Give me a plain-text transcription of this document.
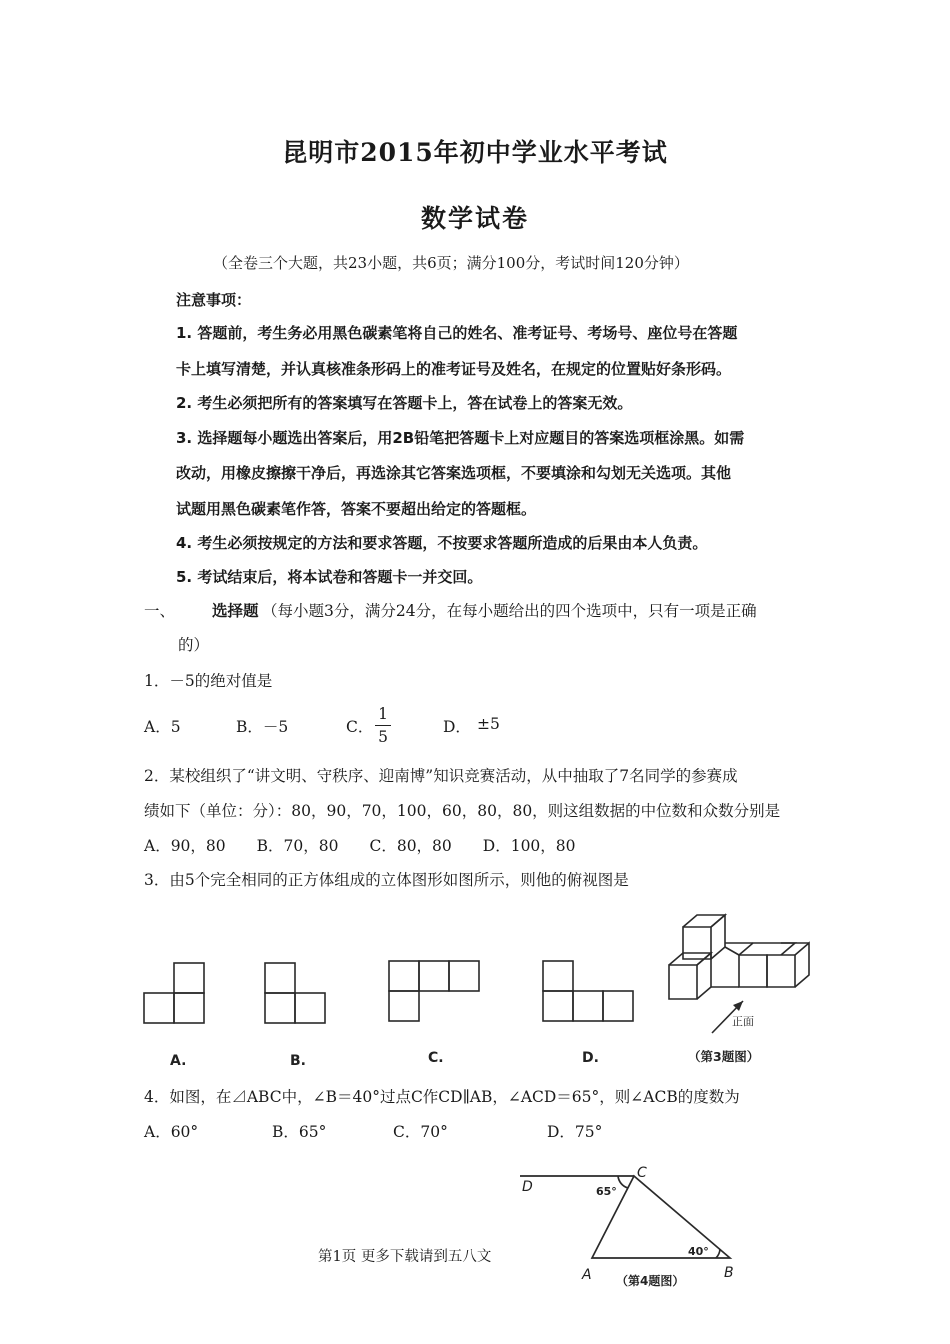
昆明市2015年初中学业水平考试
数学试卷
（全卷三个大题，共23小题，共6页；满分100分，考试时间120分钟）
注意事项：
1. 答题前，考生务必用黑色碳素笔将自己的姓名、准考证号、考场号、座位号在答题
卡上填写清楚，并认真核准条形码上的准考证号及姓名，在规定的位置贴好条形码。
2. 考生必须把所有的答案填写在答题卡上，答在试卷上的答案无效。
3. 选择题每小题选出答案后，用2B铅笔把答题卡上对应题目的答案选项框涂黑。如需
改动，用橡皮擦擦干净后，再选涂其它答案选项框，不要填涂和勾划无关选项。其他
试题用黑色碳素笔作答，答案不要超出给定的答题框。
4. 考生必须按规定的方法和要求答题，不按要求答题所造成的后果由本人负责。
5. 考试结束后，将本试卷和答题卡一并交回。
一、 选择题 （每小题3分，满分24分，在每小题给出的四个选项中，只有一项是正确
的）
1．－5的绝对值是
A．5	B．－5	C．
1
5
D． ±5
2．某校组织了“讲文明、守秩序、迎南博”知识竞赛活动，从中抽取了7名同学的参赛成
绩如下（单位：分）：80，90，70，100，60，80，80，则这组数据的中位数和众数分别是
A．90，80　　B．70，80　　C．80，80　　D．100，80
3．由5个完全相同的正方体组成的立体图形如图所示，则他的俯视图是
正面
A.	B.	C.	D.	（第3题图）
4．如图，在⊿ABC中，∠B＝40°过点C作CD∥AB，∠ACD＝65°，则∠ACB的度数为
A．60°	B．65°	C．70°	D．75°
D
C
A	B
65°
40°
（第4题图）
第1页 更多下载请到五八文
